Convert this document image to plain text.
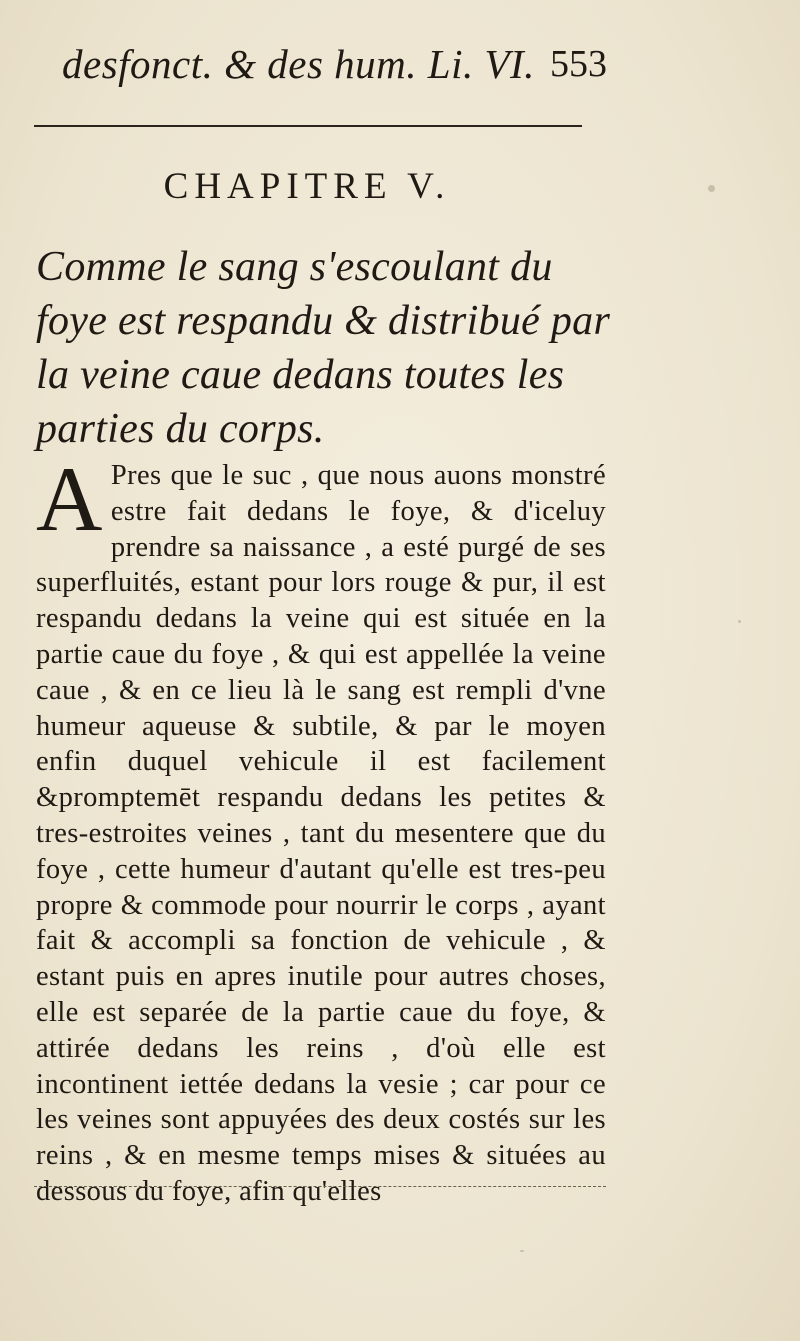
desfonct. & des hum. Li. VI. 553
CHAPITRE V.
Comme le sang s'escoulant du foye est respandu & distribué par la veine caue dedans toutes les parties du corps.
A Pres que le suc , que nous auons monstré estre fait dedans le foye, & d'iceluy prendre sa naissance , a esté purgé de ses superfluités, estant pour lors rouge & pur, il est respandu dedans la veine qui est située en la partie caue du foye , & qui est appellée la veine caue , & en ce lieu là le sang est rempli d'vne humeur aqueuse & subtile, & par le moyen enfin duquel vehicule il est facilement &promptemēt respandu dedans les petites & tres-estroites veines , tant du mesentere que du foye , cette humeur d'autant qu'elle est tres-peu propre & commode pour nourrir le corps , ayant fait & accompli sa fonction de vehicule , & estant puis en apres inutile pour autres choses, elle est separée de la partie caue du foye, & attirée dedans les reins , d'où elle est incontinent iettée dedans la vesie ; car pour ce les veines sont appuyées des deux costés sur les reins , & en mesme temps mises & situées au dessous du foye, afin qu'elles
